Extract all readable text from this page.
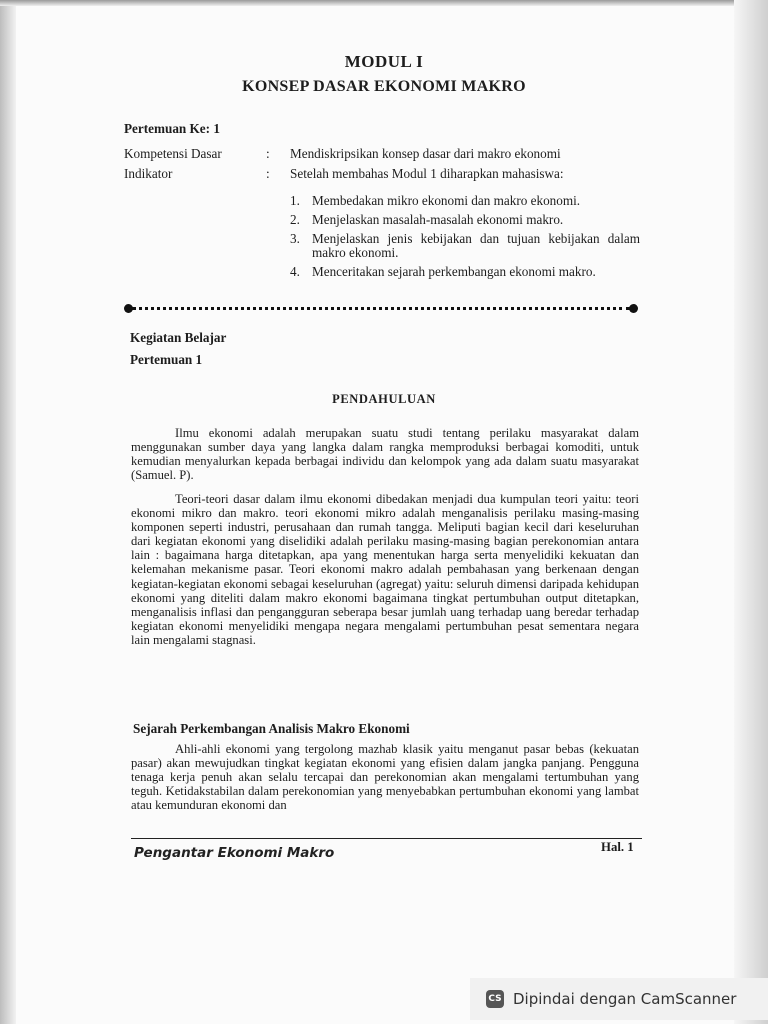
MODUL I
KONSEP DASAR EKONOMI MAKRO
Pertemuan Ke: 1
Kompetensi Dasar	: Mendiskripsikan konsep dasar dari makro ekonomi
Indikator	: Setelah membahas Modul 1 diharapkan mahasiswa:
1. Membedakan mikro ekonomi dan makro ekonomi.
2. Menjelaskan masalah-masalah ekonomi makro.
3. Menjelaskan jenis kebijakan dan tujuan kebijakan dalam makro ekonomi.
4. Menceritakan sejarah perkembangan ekonomi makro.
Kegiatan Belajar
Pertemuan 1
PENDAHULUAN

Ilmu ekonomi adalah merupakan suatu studi tentang perilaku masyarakat dalam menggunakan sumber daya yang langka dalam rangka memproduksi berbagai komoditi, untuk kemudian menyalurkan kepada berbagai individu dan kelompok yang ada dalam suatu masyarakat (Samuel. P).

Teori-teori dasar dalam ilmu ekonomi dibedakan menjadi dua kumpulan teori yaitu: teori ekonomi mikro dan makro. teori ekonomi mikro adalah menganalisis perilaku masing-masing komponen seperti industri, perusahaan dan rumah tangga. Meliputi bagian kecil dari keseluruhan dari kegiatan ekonomi yang diselidiki adalah perilaku masing-masing bagian perekonomian antara lain : bagaimana harga ditetapkan, apa yang menentukan harga serta menyelidiki kekuatan dan kelemahan mekanisme pasar. Teori ekonomi makro adalah pembahasan yang berkenaan dengan kegiatan-kegiatan ekonomi sebagai keseluruhan (agregat) yaitu: seluruh dimensi daripada kehidupan ekonomi yang diteliti dalam makro ekonomi bagaimana tingkat pertumbuhan output ditetapkan, menganalisis inflasi dan pengangguran seberapa besar jumlah uang terhadap uang beredar terhadap kegiatan ekonomi menyelidiki mengapa negara mengalami pertumbuhan pesat sementara negara lain mengalami stagnasi.

Sejarah Perkembangan Analisis Makro Ekonomi

Ahli-ahli ekonomi yang tergolong mazhab klasik yaitu menganut pasar bebas (kekuatan pasar) akan mewujudkan tingkat kegiatan ekonomi yang efisien dalam jangka panjang. Pengguna tenaga kerja penuh akan selalu tercapai dan perekonomian akan mengalami tertumbuhan yang teguh. Ketidakstabilan dalam perekonomian yang menyebabkan pertumbuhan ekonomi yang lambat atau kemunduran ekonomi dan

Pengantar Ekonomi Makro	Hal. 1
CS Dipindai dengan CamScanner
